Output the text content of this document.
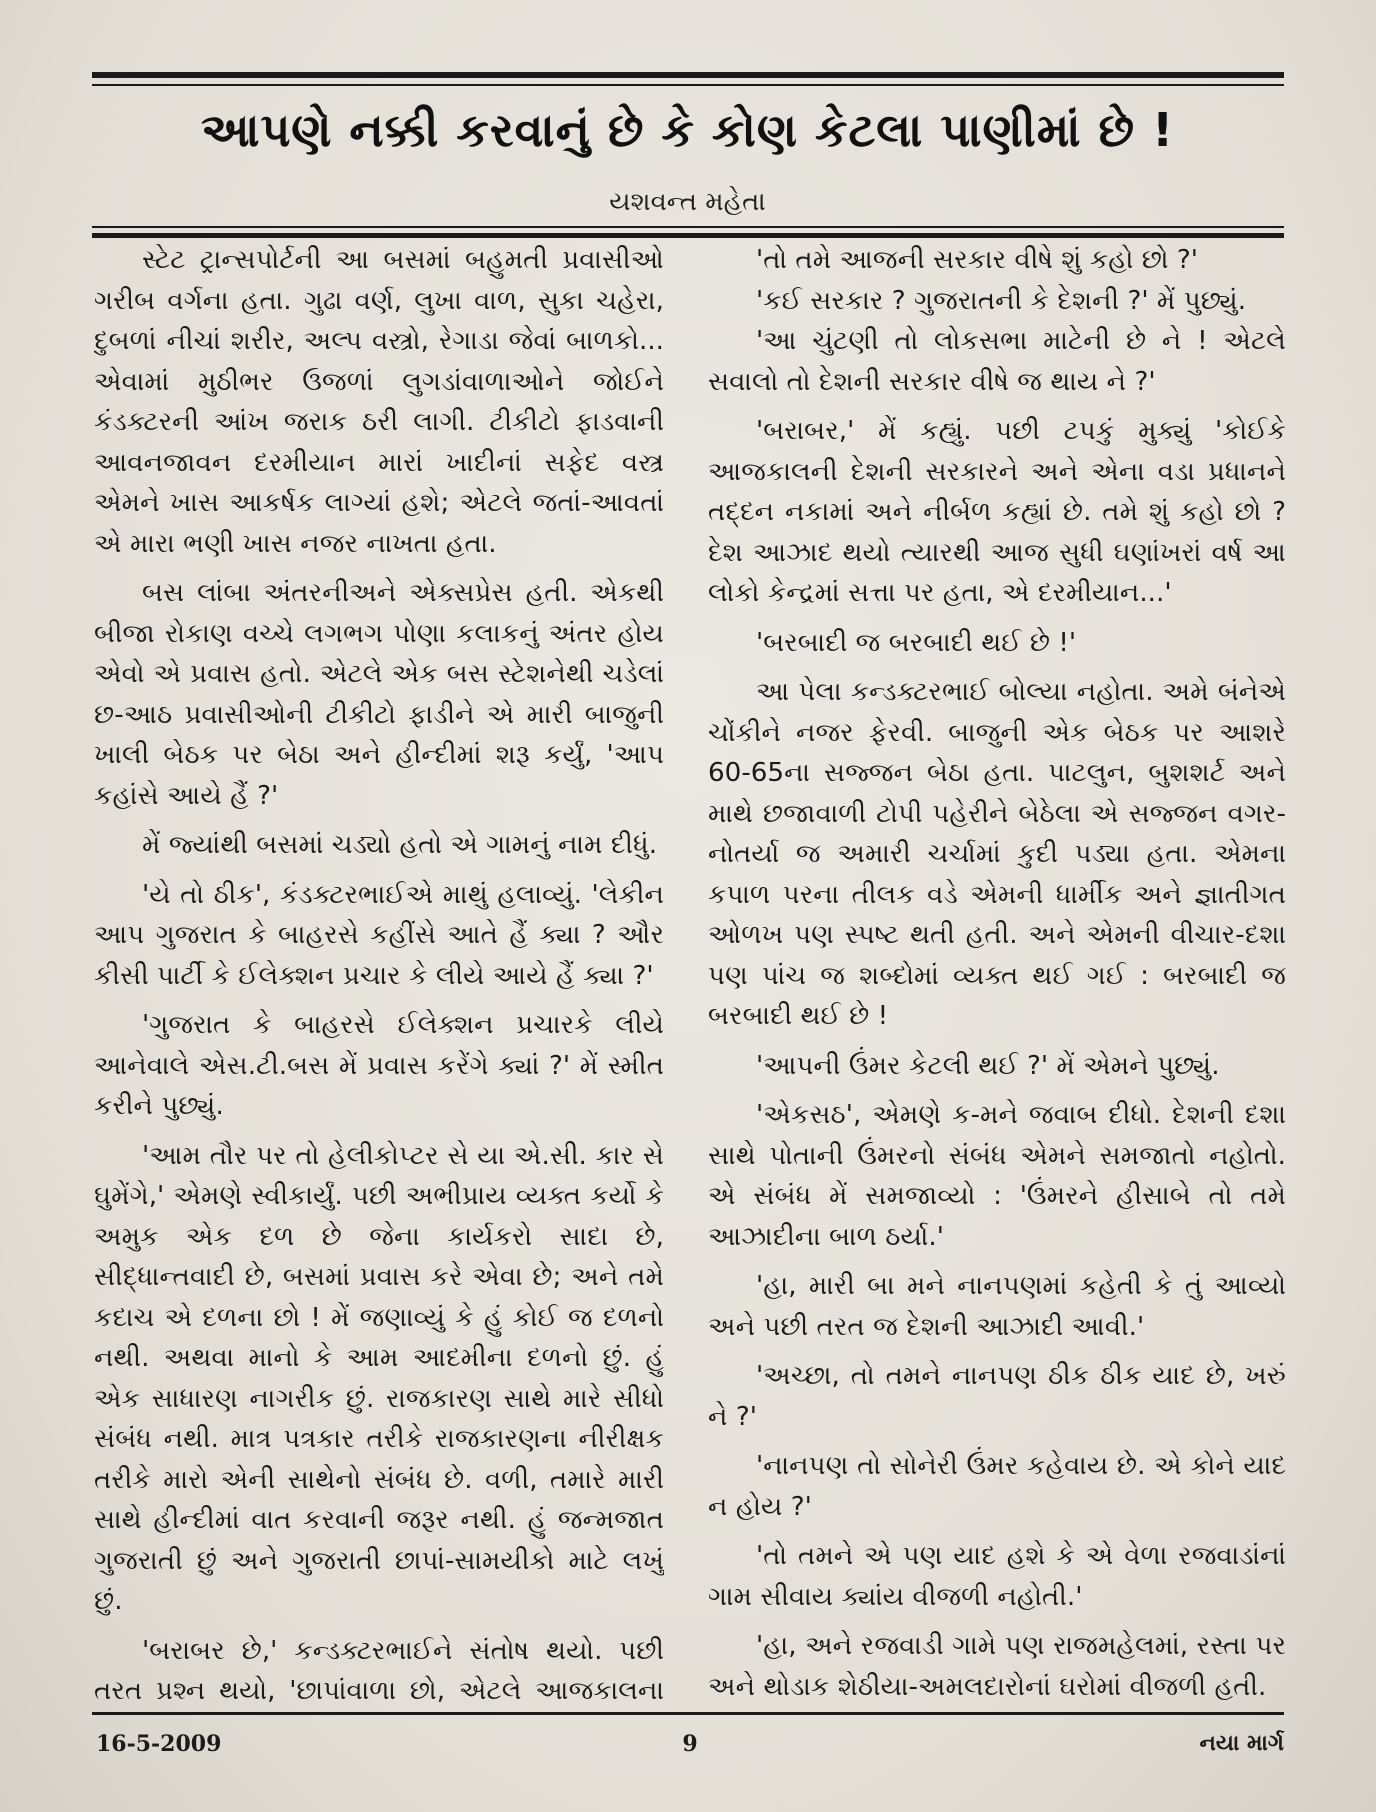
આપણે નક્કી કરવાનું છે કે કોણ કેટલા પાણીમાં છે !
યશવન્ત મહેતા

સ્ટેટ ટ્રાન્સપોર્ટની આ બસમાં બહુમતી પ્રવાસીઓ ગરીબ વર્ગના હતા. ગુઢા વર્ણ, લુખા વાળ, સુકા ચહેરા, દુબળાં નીચાં શરીર, અલ્પ વસ્ત્રો, રેગાડા જેવાં બાળકો... એવામાં મુઠીભર ઉજળાં લુગડાંવાળાઓને જોઈને કંડક્ટરની આંખ જરાક ઠરી લાગી. ટીકીટો ફાડવાની આવનજાવન દરમીયાન મારાં ખાદીનાં સફેદ વસ્ત્ર એમને ખાસ આકર્ષક લાગ્યાં હશે; એટલે જતાં-આવતાં એ મારા ભણી ખાસ નજર નાખતા હતા.

બસ લાંબા અંતરનીઅને એક્સપ્રેસ હતી. એકથી બીજા રોકાણ વચ્ચે લગભગ પોણા કલાકનું અંતર હોય એવો એ પ્રવાસ હતો. એટલે એક બસ સ્ટેશનેથી ચડેલાં છ-આઠ પ્રવાસીઓની ટીકીટો ફાડીને એ મારી બાજુની ખાલી બેઠક પર બેઠા અને હીન્દીમાં શરૂ કર્યું, 'આપ કહાંસે આયે હૈં ?'

મેં જ્યાંથી બસમાં ચડ્યો હતો એ ગામનું નામ દીધું.

'યે તો ઠીક', કંડક્ટરભાઈએ માથું હલાવ્યું. 'લેકીન આપ ગુજરાત કે બાહરસે કહીંસે આતે હૈં ક્યા ? ઔર કીસી પાર્ટી કે ઈલેક્શન પ્રચાર કે લીયે આયે હૈં ક્યા ?'

'ગુજરાત કે બાહરસે ઈલેક્શન પ્રચારકે લીયે આનેવાલે એસ.ટી.બસ મેં પ્રવાસ કરેંગે ક્યાં ?' મેં સ્મીત કરીને પુછ્યું.

'આમ તૌર પર તો હેલીકોપ્ટર સે યા એ.સી. કાર સે ઘુમેંગે,' એમણે સ્વીકાર્યું. પછી અભીપ્રાય વ્યક્ત કર્યો કે અમુક એક દળ છે જેના કાર્યકરો સાદા છે, સીદ્ધાન્તવાદી છે, બસમાં પ્રવાસ કરે એવા છે; અને તમે કદાચ એ દળના છો ! મેં જણાવ્યું કે હું કોઈ જ દળનો નથી. અથવા માનો કે આમ આદમીના દળનો છું. હું એક સાધારણ નાગરીક છું. રાજકારણ સાથે મારે સીધો સંબંધ નથી. માત્ર પત્રકાર તરીકે રાજકારણના નીરીક્ષક તરીકે મારો એની સાથેનો સંબંધ છે. વળી, તમારે મારી સાથે હીન્દીમાં વાત કરવાની જરૂર નથી. હું જન્મજાત ગુજરાતી છું અને ગુજરાતી છાપાં-સામયીકો માટે લખું છું.

'બરાબર છે,' કન્ડક્ટરભાઈને સંતોષ થયો. પછી તરત પ્રશ્ન થયો, 'છાપાંવાળા છો, એટલે આજકાલના

'તો તમે આજની સરકાર વીષે શું કહો છો ?'

'કઈ સરકાર ? ગુજરાતની કે દેશની ?' મેં પુછ્યું.

'આ ચુંટણી તો લોકસભા માટેની છે ને ! એટલે સવાલો તો દેશની સરકાર વીષે જ થાય ને ?'

'બરાબર,' મેં કહ્યું. પછી ટપકું મુક્યું 'કોઈકે આજકાલની દેશની સરકારને અને એના વડા પ્રધાનને તદ્દન નકામાં અને નીર્બળ કહ્યાં છે. તમે શું કહો છો ? દેશ આઝાદ થયો ત્યારથી આજ સુધી ઘણાંખરાં વર્ષ આ લોકો કેન્દ્રમાં સત્તા પર હતા, એ દરમીયાન...'

'બરબાદી જ બરબાદી થઈ છે !'

આ પેલા કન્ડક્ટરભાઈ બોલ્યા નહોતા. અમે બંનેએ ચોંકીને નજર ફેરવી. બાજુની એક બેઠક પર આશરે 60-65ના સજ્જન બેઠા હતા. પાટલુન, બુશશર્ટ અને માથે છજાવાળી ટોપી પહેરીને બેઠેલા એ સજ્જન વગર-નોતર્યા જ અમારી ચર્ચામાં કુદી પડ્યા હતા. એમના કપાળ પરના તીલક વડે એમની ધાર્મીક અને જ્ઞાતીગત ઓળખ પણ સ્પષ્ટ થતી હતી. અને એમની વીચાર-દશા પણ પાંચ જ શબ્દોમાં વ્યક્ત થઈ ગઈ : બરબાદી જ બરબાદી થઈ છે !

'આપની ઉંમર કેટલી થઈ ?' મેં એમને પુછ્યું.

'એકસઠ', એમણે ક-મને જવાબ દીધો. દેશની દશા સાથે પોતાની ઉંમરનો સંબંધ એમને સમજાતો નહોતો. એ સંબંધ મેં સમજાવ્યો : 'ઉંમરને હીસાબે તો તમે આઝાદીના બાળ ઠર્યા.'

'હા, મારી બા મને નાનપણમાં કહેતી કે તું આવ્યો અને પછી તરત જ દેશની આઝાદી આવી.'

'અચ્છા, તો તમને નાનપણ ઠીક ઠીક યાદ છે, ખરું ને ?'

'નાનપણ તો સોનેરી ઉંમર કહેવાય છે. એ કોને યાદ ન હોય ?'

'તો તમને એ પણ યાદ હશે કે એ વેળા રજવાડાંનાં ગામ સીવાય ક્યાંય વીજળી નહોતી.'

'હા, અને રજવાડી ગામે પણ રાજમહેલમાં, રસ્તા પર અને થોડાક શેઠીયા-અમલદારોનાં ઘરોમાં વીજળી હતી.

16-5-2009	9	નયા માર્ગ
